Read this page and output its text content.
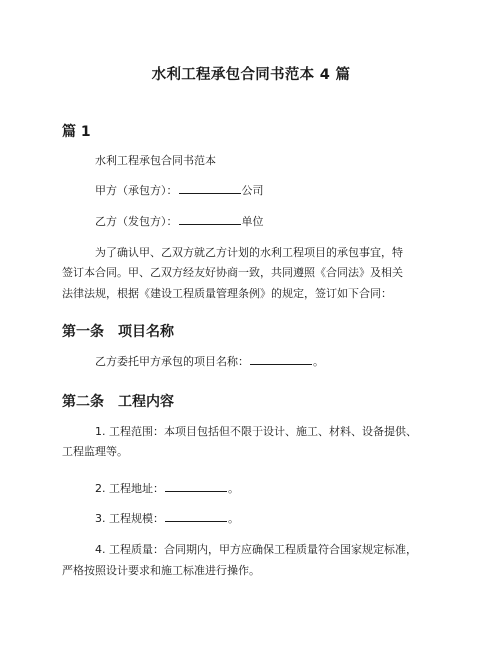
水利工程承包合同书范本 4 篇
篇 1
水利工程承包合同书范本
甲方（承包方）：	公司
乙方（发包方）：	单位
为了确认甲、乙双方就乙方计划的水利工程项目的承包事宜，特
签订本合同。甲、乙双方经友好协商一致，共同遵照《合同法》及相关
法律法规，根据《建设工程质量管理条例》的规定，签订如下合同：
第一条　项目名称
乙方委托甲方承包的项目名称：	。
第二条　工程内容
1. 工程范围：本项目包括但不限于设计、施工、材料、设备提供、
工程监理等。
2. 工程地址：	。
3. 工程规模：	。
4. 工程质量：合同期内，甲方应确保工程质量符合国家规定标准，
严格按照设计要求和施工标准进行操作。
